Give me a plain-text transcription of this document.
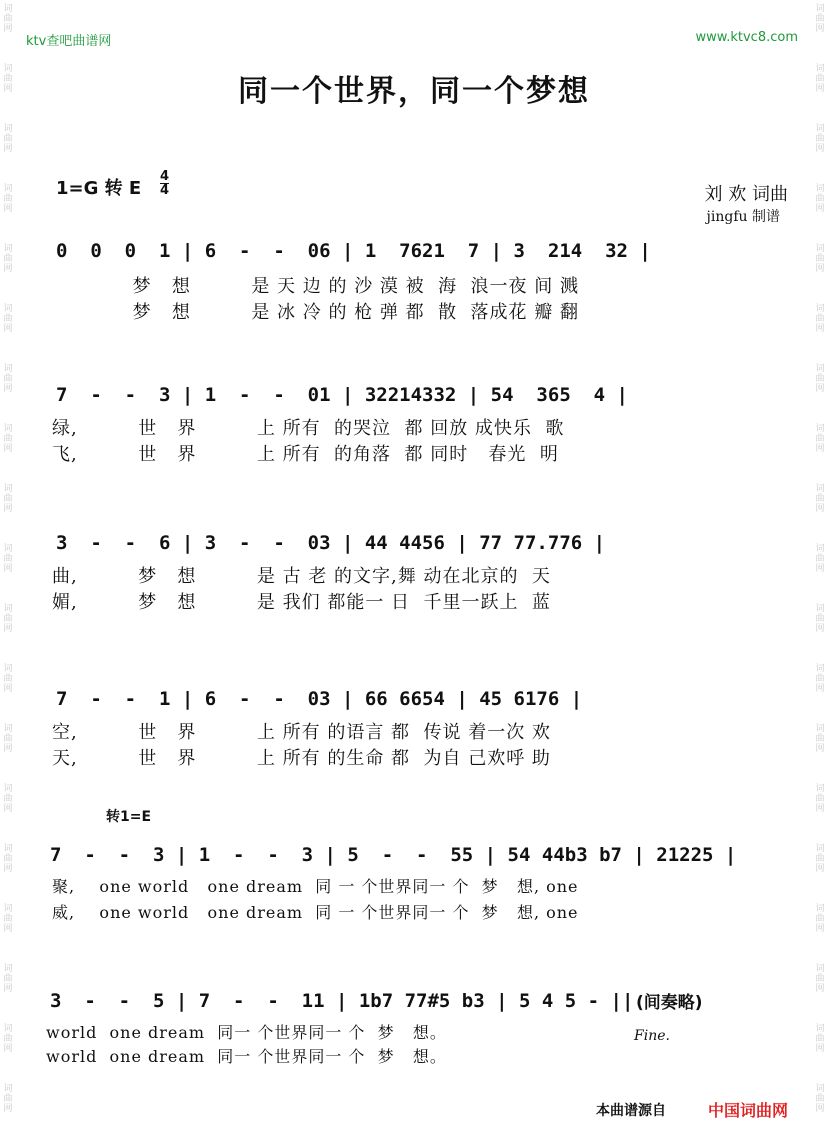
词
曲
网
词
曲
网
词
曲
网
词
曲
网
词
曲
网
词
曲
网
词
曲
网
词
曲
网
词
曲
网
词
曲
网
词
曲
网
词
曲
网
词
曲
网
词
曲
网
词
曲
网
词
曲
网
词
曲
网
词
曲
网
词
曲
网
词
曲
网
词
曲
网
词
曲
网
词
曲
网
词
曲
网
词
曲
网
词
曲
网
词
曲
网
词
曲
网
词
曲
网
词
曲
网
词
曲
网
词
曲
网
词
曲
网
词
曲
网
词
曲
网
词
曲
网
词
曲
网
词
曲
网
ktv查吧曲谱网	www.ktvc8.com
同一个世界，同一个梦想
1=G 转 E $\frac{4}{4}$	刘 欢 词曲
jingfu 制谱
0  0  0  1 | 6  -  -  06 | 1  7621  7 | 3  214  32 |
梦   想         是 天 边 的 沙 漠 被  海  浪一夜 间 溅
梦   想         是 冰 冷 的 枪 弹 都  散  落成花 瓣 翻
7  -  -  3 | 1  -  -  01 | 32214332 | 54  365  4 |
绿,         世   界         上 所有  的哭泣  都 回放 成快乐  歌
飞,         世   界         上 所有  的角落  都 同时   春光  明
3  -  -  6 | 3  -  -  03 | 44 4456 | 77 77.776 |
曲,         梦   想         是 古 老 的文字,舞 动在北京的  天
媚,         梦   想         是 我们 都能一 日  千里一跃上  蓝
7  -  -  1 | 6  -  -  03 | 66 6654 | 45 6176 |
空,         世   界         上 所有 的语言 都  传说 着一次 欢
天,         世   界         上 所有 的生命 都  为自 己欢呼 助
转1=E
7  -  -  3 | 1  -  -  3 | 5  -  -  55 | 54 44b3 b7 | 21225 |
聚,    one world   one dream  同 一 个世界同一 个  梦   想, one
威,    one world   one dream  同 一 个世界同一 个  梦   想, one
3  -  -  5 | 7  -  -  11 | 1b7 77#5 b3 | 5 4 5 - ||
world  one dream  同一 个世界同一 个  梦   想。
world  one dream  同一 个世界同一 个  梦   想。
(间奏略)
Fine.
本曲谱源自	中国词曲网
